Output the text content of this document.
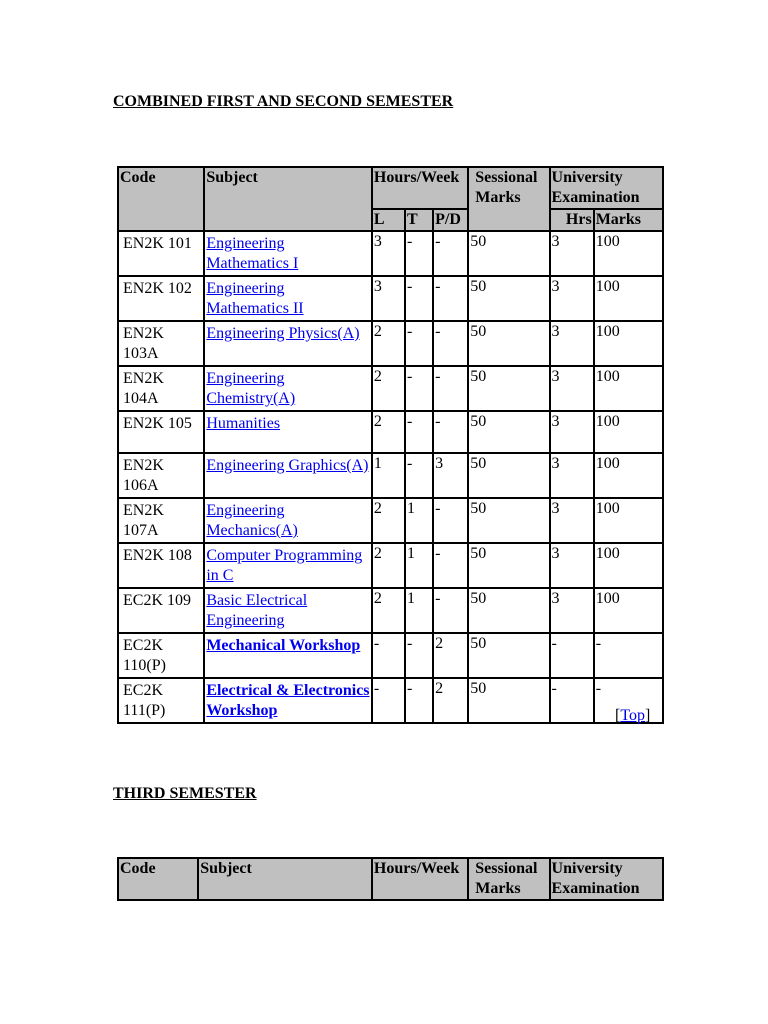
COMBINED FIRST AND SECOND SEMESTER
Code	Subject	Hours/Week			Sessional Marks	University Examination	
		L	T	P/D		Hrs	Marks
EN2K 101	Engineering Mathematics I	3	-	-	50	3	100
EN2K 102	Engineering Mathematics II	3	-	-	50	3	100
EN2K 103A	Engineering Physics(A)	2	-	-	50	3	100
EN2K 104A	Engineering Chemistry(A)	2	-	-	50	3	100
EN2K 105	Humanities	2	-	-	50	3	100
EN2K 106A	Engineering Graphics(A)	1	-	3	50	3	100
EN2K 107A	Engineering Mechanics(A)	2	1	-	50	3	100
EN2K 108	Computer Programming in C	2	1	-	50	3	100
EC2K 109	Basic Electrical Engineering	2	1	-	50	3	100
EC2K 110(P)	Mechanical Workshop	-	-	2	50	-	-
EC2K 111(P)	Electrical & Electronics Workshop	-	-	2	50	-	-
[Top]
THIRD SEMESTER
Code	Subject	Hours/Week	Sessional Marks	University Examination
